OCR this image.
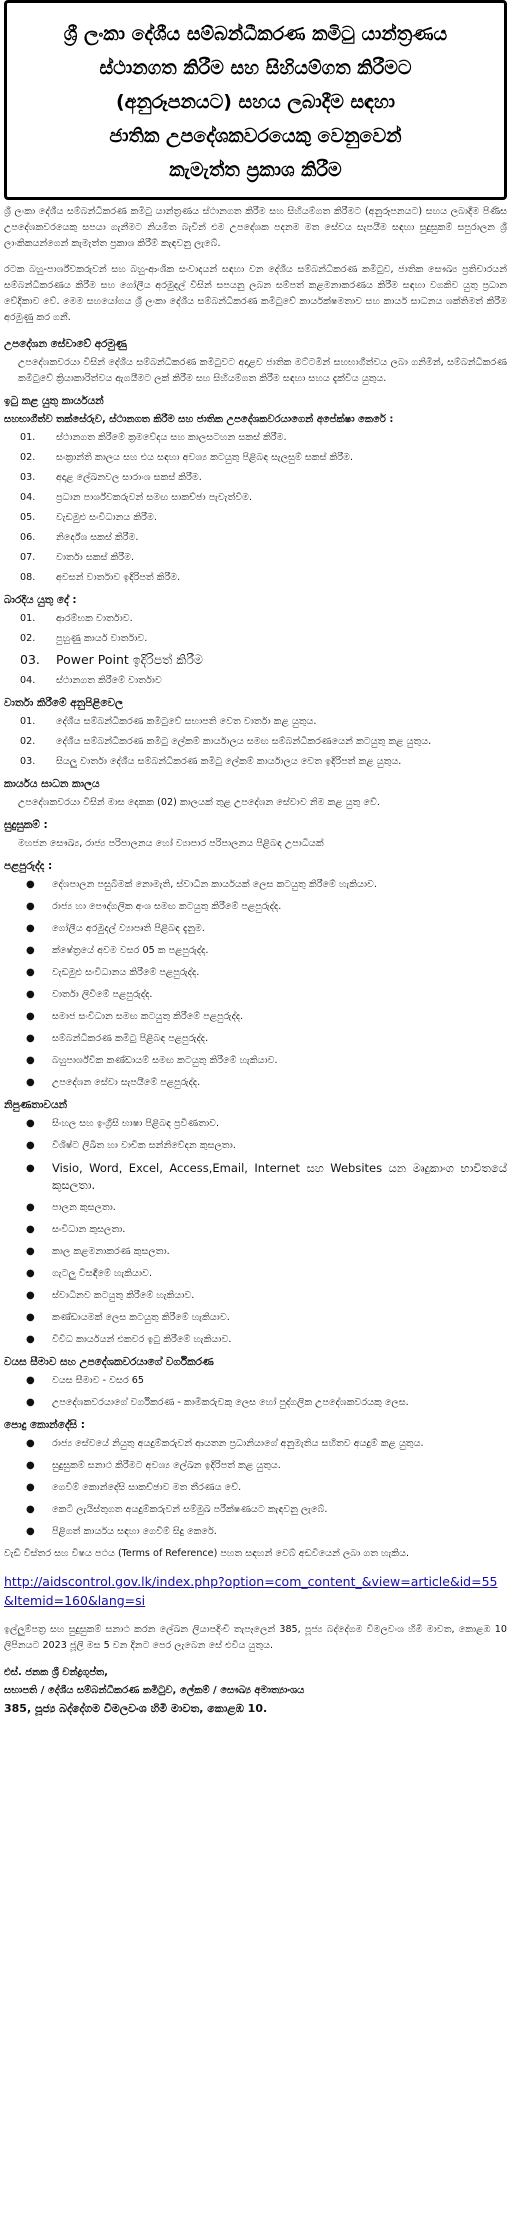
ශ්‍රී ලංකා දේශීය සම්බන්ධීකරණ කමිටු යාන්ත්‍රණය
ස්ථානගත කිරීම සහ සිහියම්ගත කිරීමට
(අනුරූපනයට) සහය ලබාදීම සඳහා
ජාතික උපදේශකවරයෙකු වෙනුවෙන්
කැමැත්ත ප්‍රකාශ කිරීම
ශ්‍රී ලංකා දේශීය සම්බන්ධීකරණ කමිටු යාන්ත්‍රණය ස්ථානගත කිරීම සහ සිහියම්ගත කිරීමට (අනුරූපනයට) සහය ලබාදීම පිණිස උපදේශකවරයෙකු සපයා ගැනීමට නියමිත බැවින් එම උපදේශක පදනම මත සේවය සැපයීම සඳහා සුදුසුකම් සපුරාලන ශ්‍රී ලාංකිකයන්ගෙන් කැමැත්ත ප්‍රකාශ කිරීම් කැඳවනු ලැබේ.
රටක බහු-පාර්ශ්වකරුවන් සහ බහු-ආංශික සංවාදයන් සඳහා වන දේශීය සම්බන්ධීකරණ කමිටුව, ජාතික සෞඛ්‍ය ප්‍රතිචාරයන් සම්බන්ධීකරණය කිරීම සහ ගෝලීය අරමුදල් විසින් සපයනු ලබන සම්පත් කළමනාකරණය කිරීම සඳහා වගකිව යුතු ප්‍රධාන වේදිකාව වේ. මෙම සහයෝගය ශ්‍රී ලංකා දේශීය සම්බන්ධීකරණ කමිටුවේ කාර්යක්ෂමතාව සහ කාර්ය සාධනය ශක්තිමත් කිරීම අරමුණු කර ගනී.
උපදේශන සේවාවේ අරමුණු
උපදේශකවරයා විසින් දේශීය සම්බන්ධීකරණ කමිටුවට අදාළව ජාතික මට්ටමින් සහභාගීත්වය ලබා ගනිමින්, සම්බන්ධීකරණ කමිටුවේ ක්‍රියාකාරිත්වය ඇගයීමට ලක් කිරීම සහ සිහියම්ගත කිරීම සඳහා සහය දැක්විය යුතුය.
ඉටු කළ යුතු කාර්යයන්
සහභාගීත්ව තක්සේරුව, ස්ථානගත කිරීම සහ ජාතික උපදේශකවරයාගෙන් අපේක්ෂා කෙරේ :
01. ස්ථානගත කිරීමේ ක්‍රමවේදය සහ කාලසටහන සකස් කිරීම.
02. සංක්‍රාන්ති කාලය සහ එය සඳහා අවශ්‍ය කටයුතු පිළිබඳ සැලසුම් සකස් කිරීම.
03. අදාළ ලේඛනවල සාරාංශ සකස් කිරීම.
04. ප්‍රධාන පාර්ශ්වකරුවන් සමඟ සාකච්ඡා පැවැත්වීම.
05. වැඩමුළු සංවිධානය කිරීම.
06. නිර්දේශ සකස් කිරීම.
07. වාර්තා සකස් කිරීම.
08. අවසන් වාර්තාව ඉදිරිපත් කිරීම.
බාරදිය යුතු දේ :
01. ආරම්භක වාර්තාව.
02. පුහුණු කාර්ය වාර්තාව.
03. Power Point ඉදිරිපත් කිරීම
04. ස්ථානගත කිරීමේ වාර්තාව
වාර්තා කිරීමේ අනුපිළිවෙල
01. දේශීය සම්බන්ධීකරණ කමිටුවේ සභාපති වෙත වාර්තා කළ යුතුය.
02. දේශීය සම්බන්ධීකරණ කමිටු ලේකම් කාර්යාලය සමඟ සම්බන්ධීකරණයෙන් කටයුතු කළ යුතුය.
03. සියලු වාර්තා දේශීය සම්බන්ධීකරණ කමිටු ලේකම් කාර්යාලය වෙත ඉදිරිපත් කළ යුතුය.
කාර්යය සාධන කාලය
උපදේශකවරයා විසින් මාස දෙකක (02) කාලයක් තුළ උපදේශන සේවාව නිම කළ යුතු වේ.
සුදුසුකම් :
මහජන සෞඛ්‍ය, රාජ්‍ය පරිපාලනය හෝ ව්‍යාපාර පරිපාලනය පිළිබඳ උපාධියක්
පළපුරුද්ද :
● දේශපාලන පසුබිමක් නොමැති, ස්වාධීන කාර්යයක් ලෙස කටයුතු කිරීමේ හැකියාව.
● රාජ්‍ය හා පෞද්ගලික අංශ සමඟ කටයුතු කිරීමේ පළපුරුද්ද.
● ගෝලීය අරමුදල් ව්‍යාපෘති පිළිබඳ දැනුම.
● ක්ෂේත්‍රයේ අවම වසර 05 ක පළපුරුද්ද.
● වැඩමුළු සංවිධානය කිරීමේ පළපුරුද්ද.
● වාර්තා ලිවීමේ පළපුරුද්ද.
● සමාජ සංවිධාන සමඟ කටයුතු කිරීමේ පළපුරුද්ද.
● සම්බන්ධීකරණ කමිටු පිළිබඳ පළපුරුද්ද.
● බහුපාර්ශ්වික කණ්ඩායම් සමඟ කටයුතු කිරීමේ හැකියාව.
● උපදේශන සේවා සැපයීමේ පළපුරුද්ද.
නිපුණතාවයන්
● සිංහල සහ ඉංග්‍රීසි භාෂා පිළිබඳ ප්‍රවීණතාව.
● විශිෂ්ට ලිඛිත හා වාචික සන්නිවේදන කුසලතා.
● Visio, Word, Excel, Access,Email, Internet සහ Websites යන මෘදුකාංග භාවිතයේ කුසලතා.
● පාලන කුසලතා.
● සංවිධාන කුසලතා.
● කාල කළමනාකරණ කුසලතා.
● ගැටලු විසඳීමේ හැකියාව.
● ස්වාධීනව කටයුතු කිරීමේ හැකියාව.
● කණ්ඩායමක් ලෙස කටයුතු කිරීමේ හැකියාව.
● විවිධ කාර්යයන් එකවර ඉටු කිරීමේ හැකියාව.
වයස සීමාව සහ උපදේශකවරයාගේ වර්ගීකරණ
● වයස සීමාව - වසර 65
● උපදේශකවරයාගේ වර්ගීකරණ - කාමිකරුවකු ලෙස හෝ පුද්ගලික උපදේශකවරයකු ලෙස.
පොදු කොන්දේසි :
● රාජ්‍ය සේවයේ නියුතු අයදුම්කරුවන් ආයතන ප්‍රධානියාගේ අනුමැතිය සහිතව අයදුම් කළ යුතුය.
● සුදුසුකම් සනාථ කිරීමට අවශ්‍ය ලේඛන ඉදිරිපත් කළ යුතුය.
● ගෙවීම් කොන්දේසි සාකච්ඡාව මත තීරණය වේ.
● කෙටි ලැයිස්තුගත අයදුම්කරුවන් සම්මුඛ පරීක්ෂණයට කැඳවනු ලැබේ.
● පිළිගත් කාර්යය සඳහා ගෙවීම් සිදු කෙරේ.
වැඩි විස්තර සහ විෂය පථය (Terms of Reference) පහත සඳහන් වෙබ් අඩවියෙන් ලබා ගත හැකිය.
http://aidscontrol.gov.lk/index.php?option=com_content_&view=article&id=55&Itemid=160&lang=si
ඉල්ලුම්පත්‍ර සහ සුදුසුකම් සනාථ කරන ලේඛන ලියාපදිංචි තැපෑලෙන් 385, පූජ්‍ය බද්දේගම විමලවංශ හිමි මාවත, කොළඹ 10 ලිපිනයට 2023 ජූලි මස 5 වන දිනට පෙර ලැබෙන සේ එවිය යුතුය.
එස්. ජනක ශ්‍රී චන්ද්‍රගුප්ත,
සභාපති / දේශීය සම්බන්ධීකරණ කමිටුව, ලේකම් / සෞඛ්‍ය අමාත්‍යාංශය
385, පූජ්‍ය බද්දේගම විමලවංශ හිමි මාවත, කොළඹ 10.
